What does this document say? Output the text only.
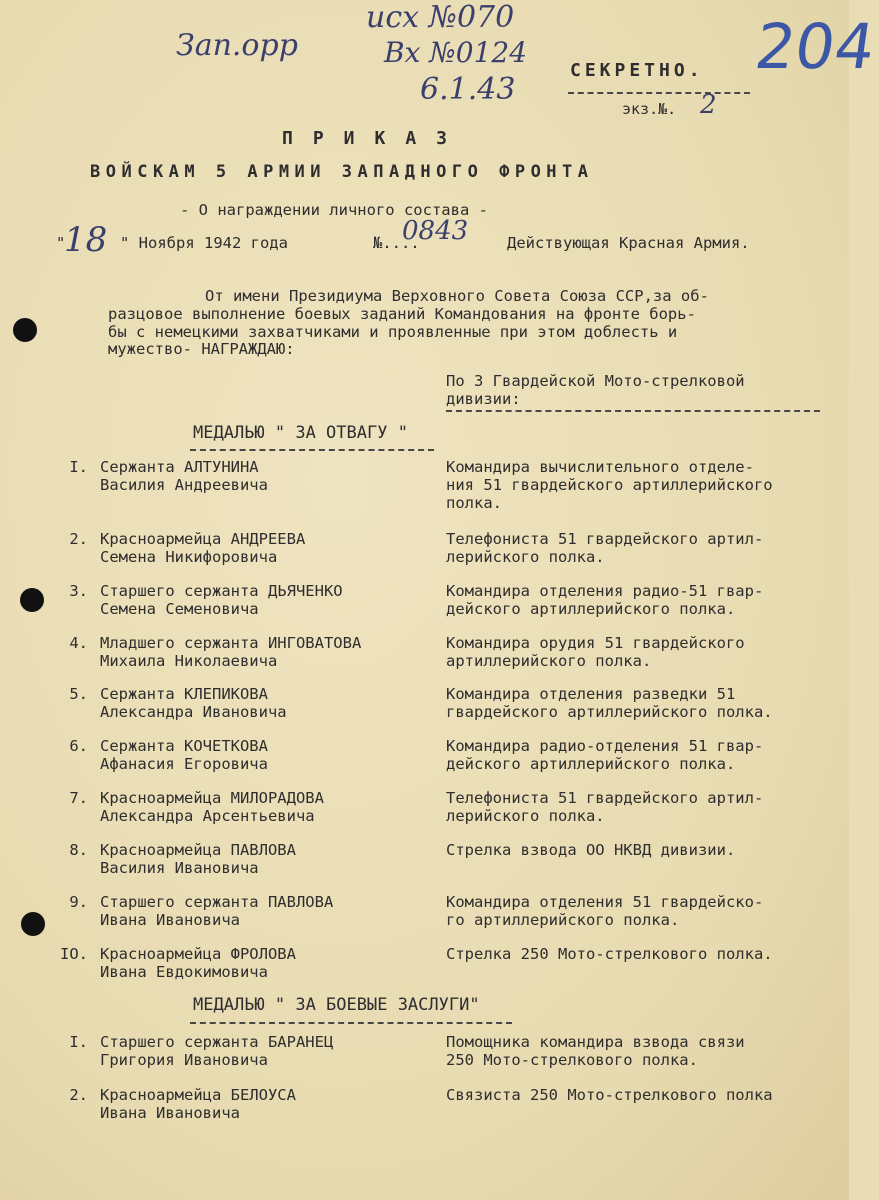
Зап.орр
исх №070
Вх №0124
6.1.43
204
СЕКРЕТНО.
экз.№. 2
ПРИКАЗ
ВОЙСКАМ 5 АРМИИ ЗАПАДНОГО ФРОНТА
- О награждении личного состава -
"
18 " Ноября 1942 года	№....
0843	Действующая Красная Армия.
От имени Президиума Верховного Совета Союза ССР,за об-
разцовое выполнение боевых заданий Командования на фронте борь-
бы с немецкими захватчиками и проявленные при этом доблесть и
мужество- НАГРАЖДАЮ:
По 3 Гвардейской Мото-стрелковой
дивизии:
МЕДАЛЬЮ " ЗА ОТВАГУ "
МЕДАЛЬЮ " ЗА БОЕВЫЕ ЗАСЛУГИ"
I. Сержанта АЛТУНИНА
Василия Андреевича
Командира вычислительного отделе-
ния 51 гвардейского артиллерийского
полка.
2. Красноармейца АНДРЕЕВА
Семена Никифоровича
Телефониста 51 гвардейского артил-
лерийского полка.
3. Старшего сержанта ДЬЯЧЕНКО
Семена Семеновича
Командира отделения радио-51 гвар-
дейского артиллерийского полка.
4. Младшего сержанта ИНГОВАТОВА
Михаила Николаевича
Командира орудия 51 гвардейского
артиллерийского полка.
5. Сержанта КЛЕПИКОВА
Александра Ивановича
Командира отделения разведки 51
гвардейского артиллерийского полка.
6. Сержанта КОЧЕТКОВА
Афанасия Егоровича
Командира радио-отделения 51 гвар-
дейского артиллерийского полка.
7. Красноармейца МИЛОРАДОВА
Александра Арсентьевича
Телефониста 51 гвардейского артил-
лерийского полка.
8. Красноармейца ПАВЛОВА
Василия Ивановича
Стрелка взвода ОО НКВД дивизии.
9. Старшего сержанта ПАВЛОВА
Ивана Ивановича
Командира отделения 51 гвардейско-
го артиллерийского полка.
IO. Красноармейца ФРОЛОВА
Ивана Евдокимовича
Стрелка 250 Мото-стрелкового полка.
I. Старшего сержанта БАРАНЕЦ
Григория Ивановича
Помощника командира взвода связи
250 Мото-стрелкового полка.
2. Красноармейца БЕЛОУСА
Ивана Ивановича
Связиста 250 Мото-стрелкового полка
